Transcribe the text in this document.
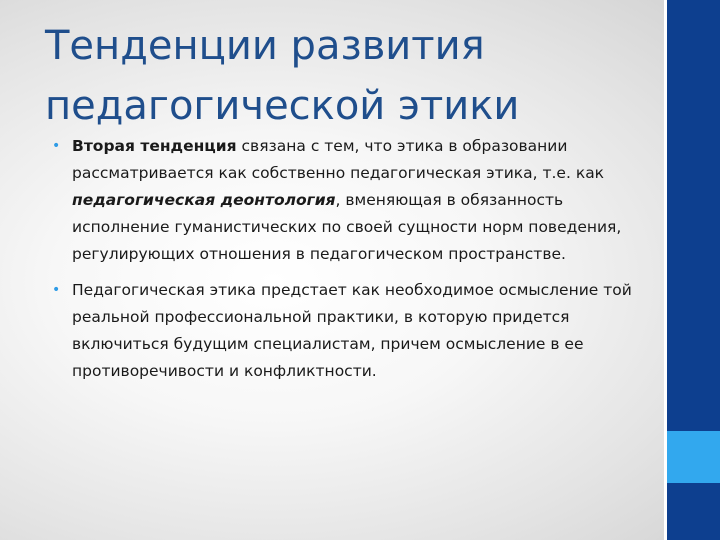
Тенденции развития
педагогической этики
• Вторая тенденция связана с тем, что этика в образовании рассматривается как собственно педагогическая этика, т.е. как педагогическая деонтология, вменяющая в обязанность исполнение гуманистических по своей сущности норм поведения, регулирующих отношения в педагогическом пространстве.
• Педагогическая этика предстает как необходимое осмысление той реальной профессиональной практики, в которую придется включиться будущим специалистам, причем осмысление в ее противоречивости и конфликтности.
